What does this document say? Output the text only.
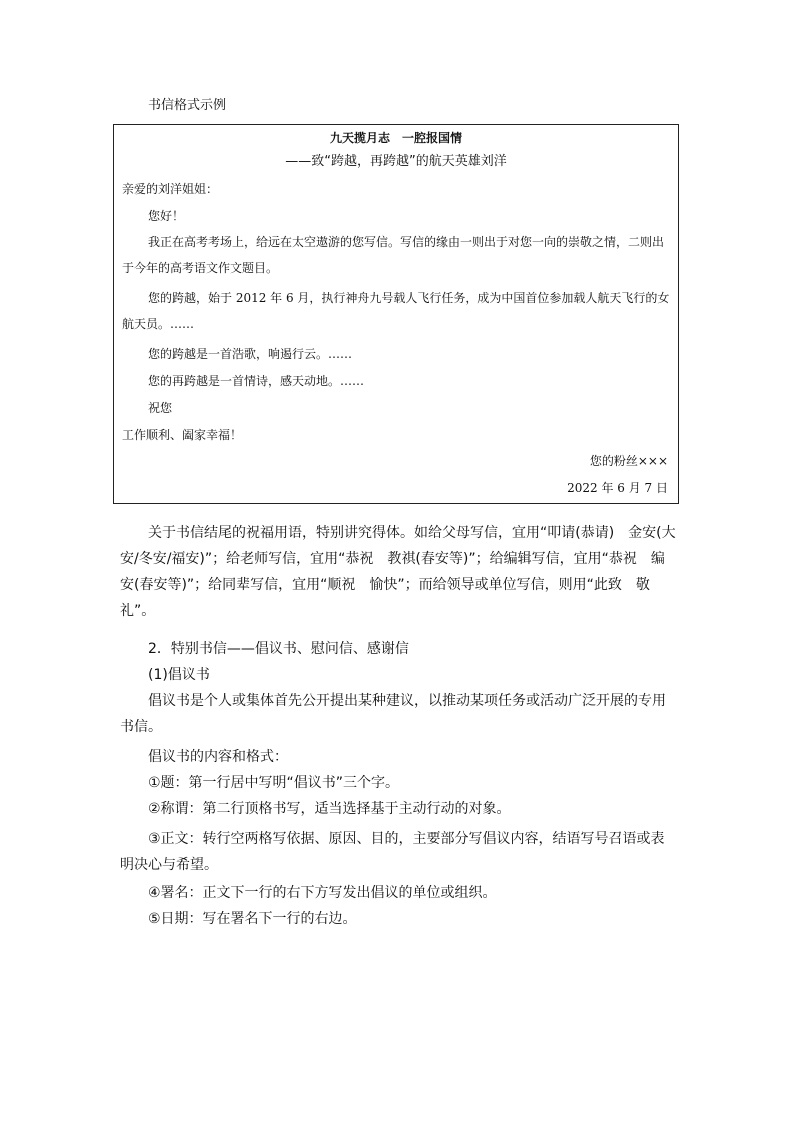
书信格式示例
九天揽月志　一腔报国情
——致“跨越，再跨越”的航天英雄刘洋
亲爱的刘洋姐姐：
您好！
我正在高考考场上，给远在太空遨游的您写信。写信的缘由一则出于对您一向的崇敬之情，二则出于今年的高考语文作文题目。
您的跨越，始于 2012 年 6 月，执行神舟九号载人飞行任务，成为中国首位参加载人航天飞行的女航天员。……
您的跨越是一首浩歌，响遏行云。……
您的再跨越是一首情诗，感天动地。……
祝您
工作顺利、阖家幸福！
您的粉丝×××
2022 年 6 月 7 日
关于书信结尾的祝福用语，特别讲究得体。如给父母写信，宜用“叩请(恭请)　金安(大安/冬安/福安)”；给老师写信，宜用“恭祝　教祺(春安等)”；给编辑写信，宜用“恭祝　编安(春安等)”；给同辈写信，宜用“顺祝　愉快”；而给领导或单位写信，则用“此致　敬礼”。
2．特别书信——倡议书、慰问信、感谢信
(1)倡议书
倡议书是个人或集体首先公开提出某种建议，以推动某项任务或活动广泛开展的专用书信。
倡议书的内容和格式：
①题：第一行居中写明“倡议书”三个字。
②称谓：第二行顶格书写，适当选择基于主动行动的对象。
③正文：转行空两格写依据、原因、目的，主要部分写倡议内容，结语写号召语或表明决心与希望。
④署名：正文下一行的右下方写发出倡议的单位或组织。
⑤日期：写在署名下一行的右边。
